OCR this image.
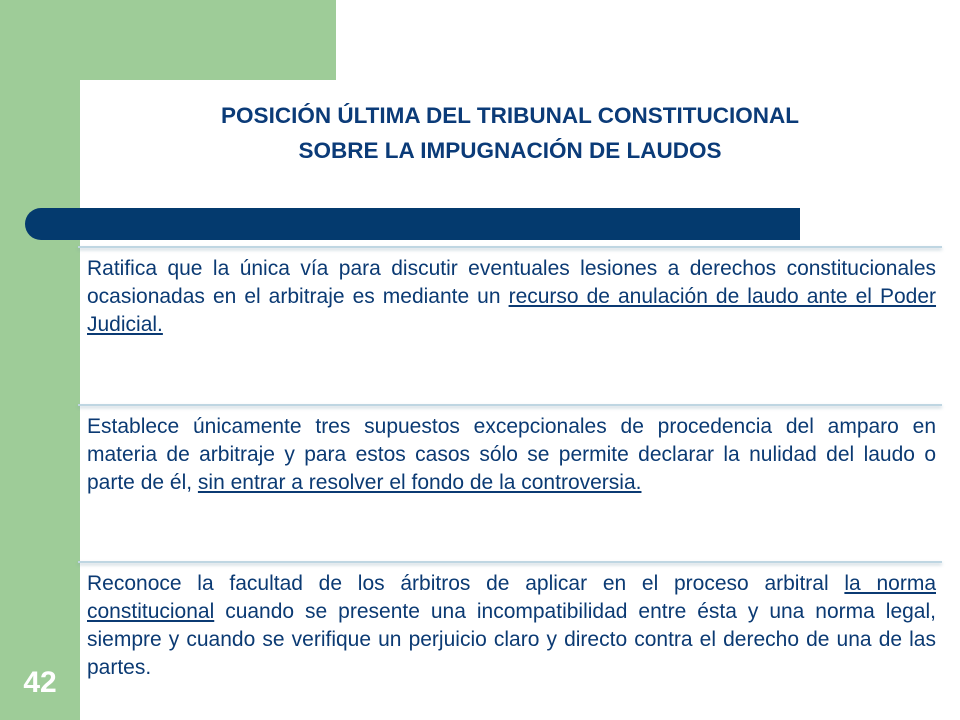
POSICIÓN ÚLTIMA DEL TRIBUNAL CONSTITUCIONAL
SOBRE LA IMPUGNACIÓN DE LAUDOS
Ratifica que la única vía para discutir eventuales lesiones a derechos constitucionales ocasionadas en el arbitraje es mediante un recurso de anulación de laudo ante el Poder Judicial.
Establece únicamente tres supuestos excepcionales de procedencia del amparo en materia de arbitraje y para estos casos sólo se permite declarar la nulidad del laudo o parte de él, sin entrar a resolver el fondo de la controversia.
Reconoce la facultad de los árbitros de aplicar en el proceso arbitral la norma constitucional cuando se presente una incompatibilidad entre ésta y una norma legal, siempre y cuando se verifique un perjuicio claro y directo contra el derecho de una de las partes.
42
